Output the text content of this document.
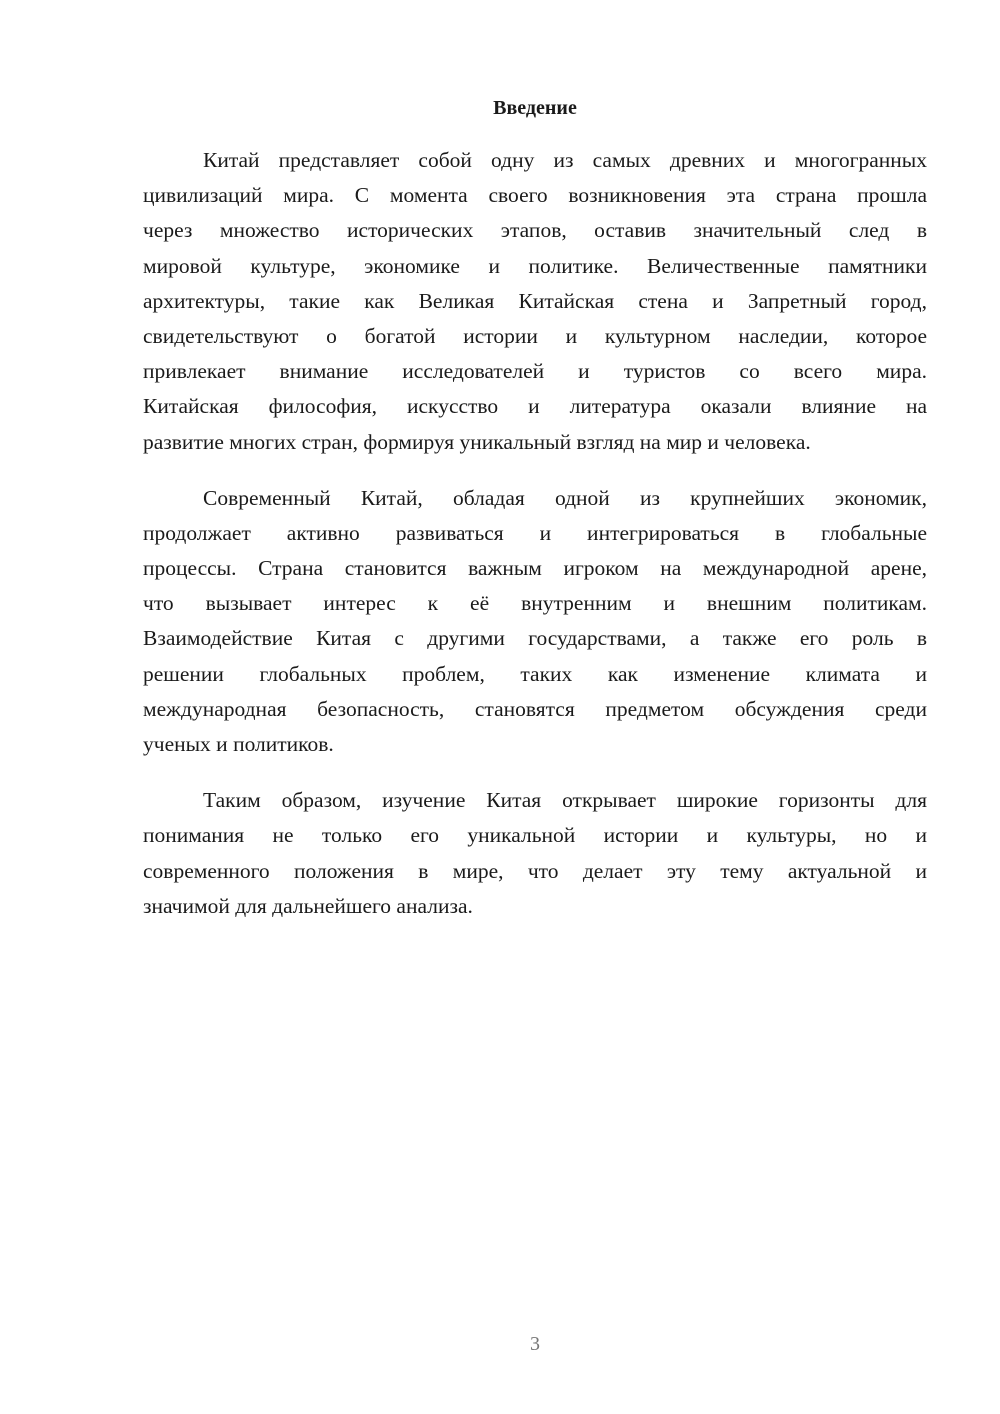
Введение
Китай представляет собой одну из самых древних и многогранных
цивилизаций мира. С момента своего возникновения эта страна прошла
через множество исторических этапов, оставив значительный след в
мировой культуре, экономике и политике. Величественные памятники
архитектуры, такие как Великая Китайская стена и Запретный город,
свидетельствуют о богатой истории и культурном наследии, которое
привлекает внимание исследователей и туристов со всего мира.
Китайская философия, искусство и литература оказали влияние на
развитие многих стран, формируя уникальный взгляд на мир и человека.
Современный Китай, обладая одной из крупнейших экономик,
продолжает активно развиваться и интегрироваться в глобальные
процессы. Страна становится важным игроком на международной арене,
что вызывает интерес к её внутренним и внешним политикам.
Взаимодействие Китая с другими государствами, а также его роль в
решении глобальных проблем, таких как изменение климата и
международная безопасность, становятся предметом обсуждения среди
ученых и политиков.
Таким образом, изучение Китая открывает широкие горизонты для
понимания не только его уникальной истории и культуры, но и
современного положения в мире, что делает эту тему актуальной и
значимой для дальнейшего анализа.
3
